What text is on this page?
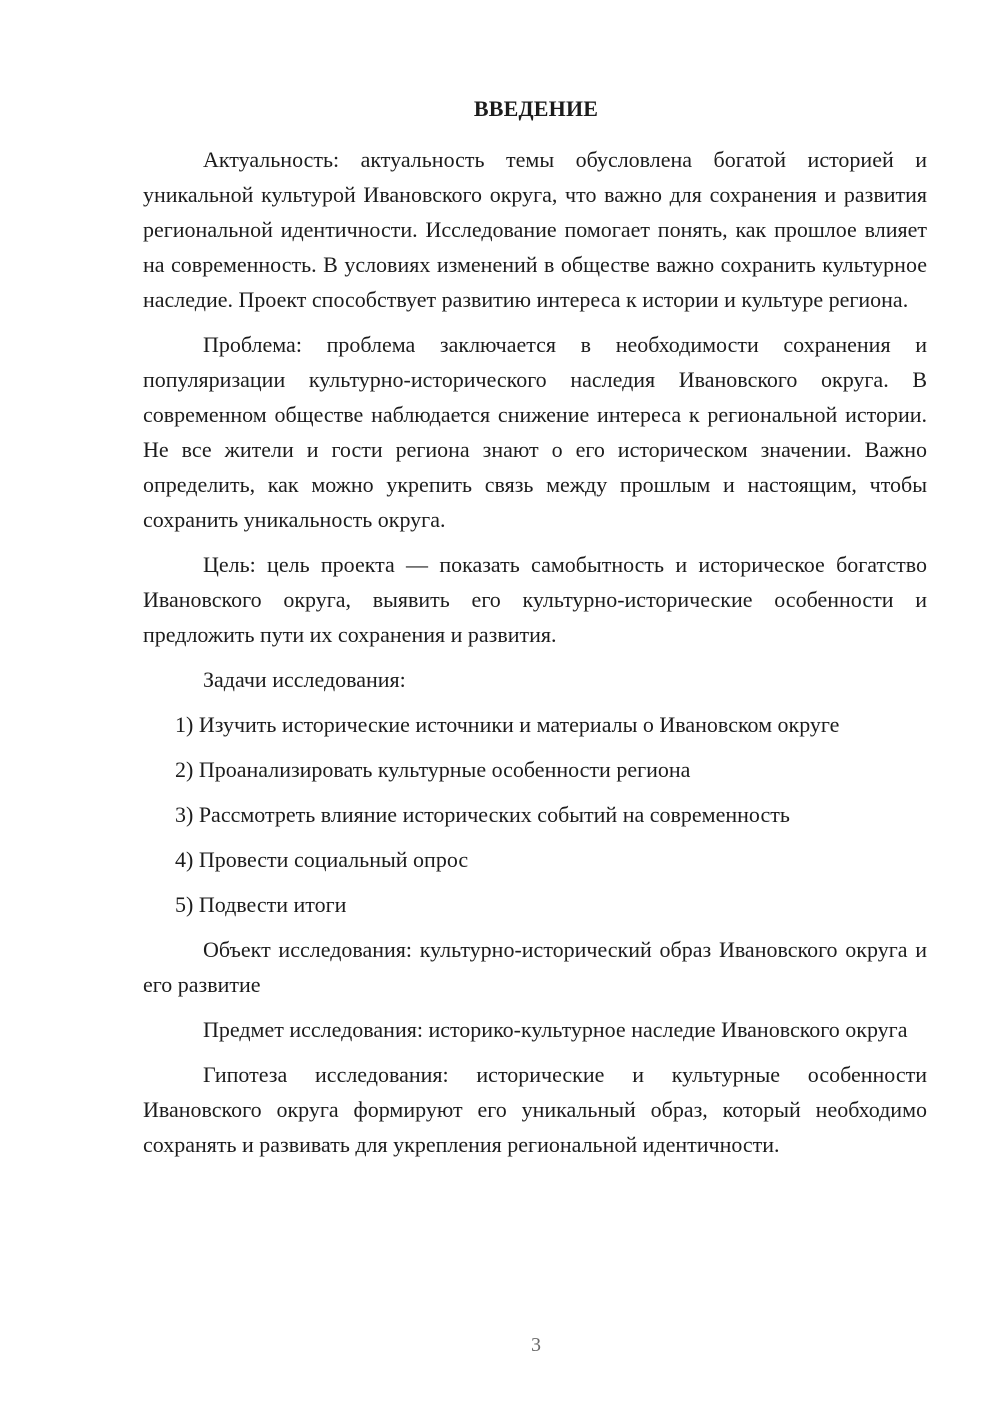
ВВЕДЕНИЕ

Актуальность: актуальность темы обусловлена богатой историей и уникальной культурой Ивановского округа, что важно для сохранения и развития региональной идентичности. Исследование помогает понять, как прошлое влияет на современность. В условиях изменений в обществе важно сохранить культурное наследие. Проект способствует развитию интереса к истории и культуре региона.

Проблема: проблема заключается в необходимости сохранения и популяризации культурно-исторического наследия Ивановского округа. В современном обществе наблюдается снижение интереса к региональной истории. Не все жители и гости региона знают о его историческом значении. Важно определить, как можно укрепить связь между прошлым и настоящим, чтобы сохранить уникальность округа.

Цель: цель проекта — показать самобытность и историческое богатство Ивановского округа, выявить его культурно-исторические особенности и предложить пути их сохранения и развития.

Задачи исследования:

1) Изучить исторические источники и материалы о Ивановском округе

2) Проанализировать культурные особенности региона

3) Рассмотреть влияние исторических событий на современность

4) Провести социальный опрос

5) Подвести итоги

Объект исследования: культурно-исторический образ Ивановского округа и его развитие

Предмет исследования: историко-культурное наследие Ивановского округа

Гипотеза исследования: исторические и культурные особенности Ивановского округа формируют его уникальный образ, который необходимо сохранять и развивать для укрепления региональной идентичности.

3
